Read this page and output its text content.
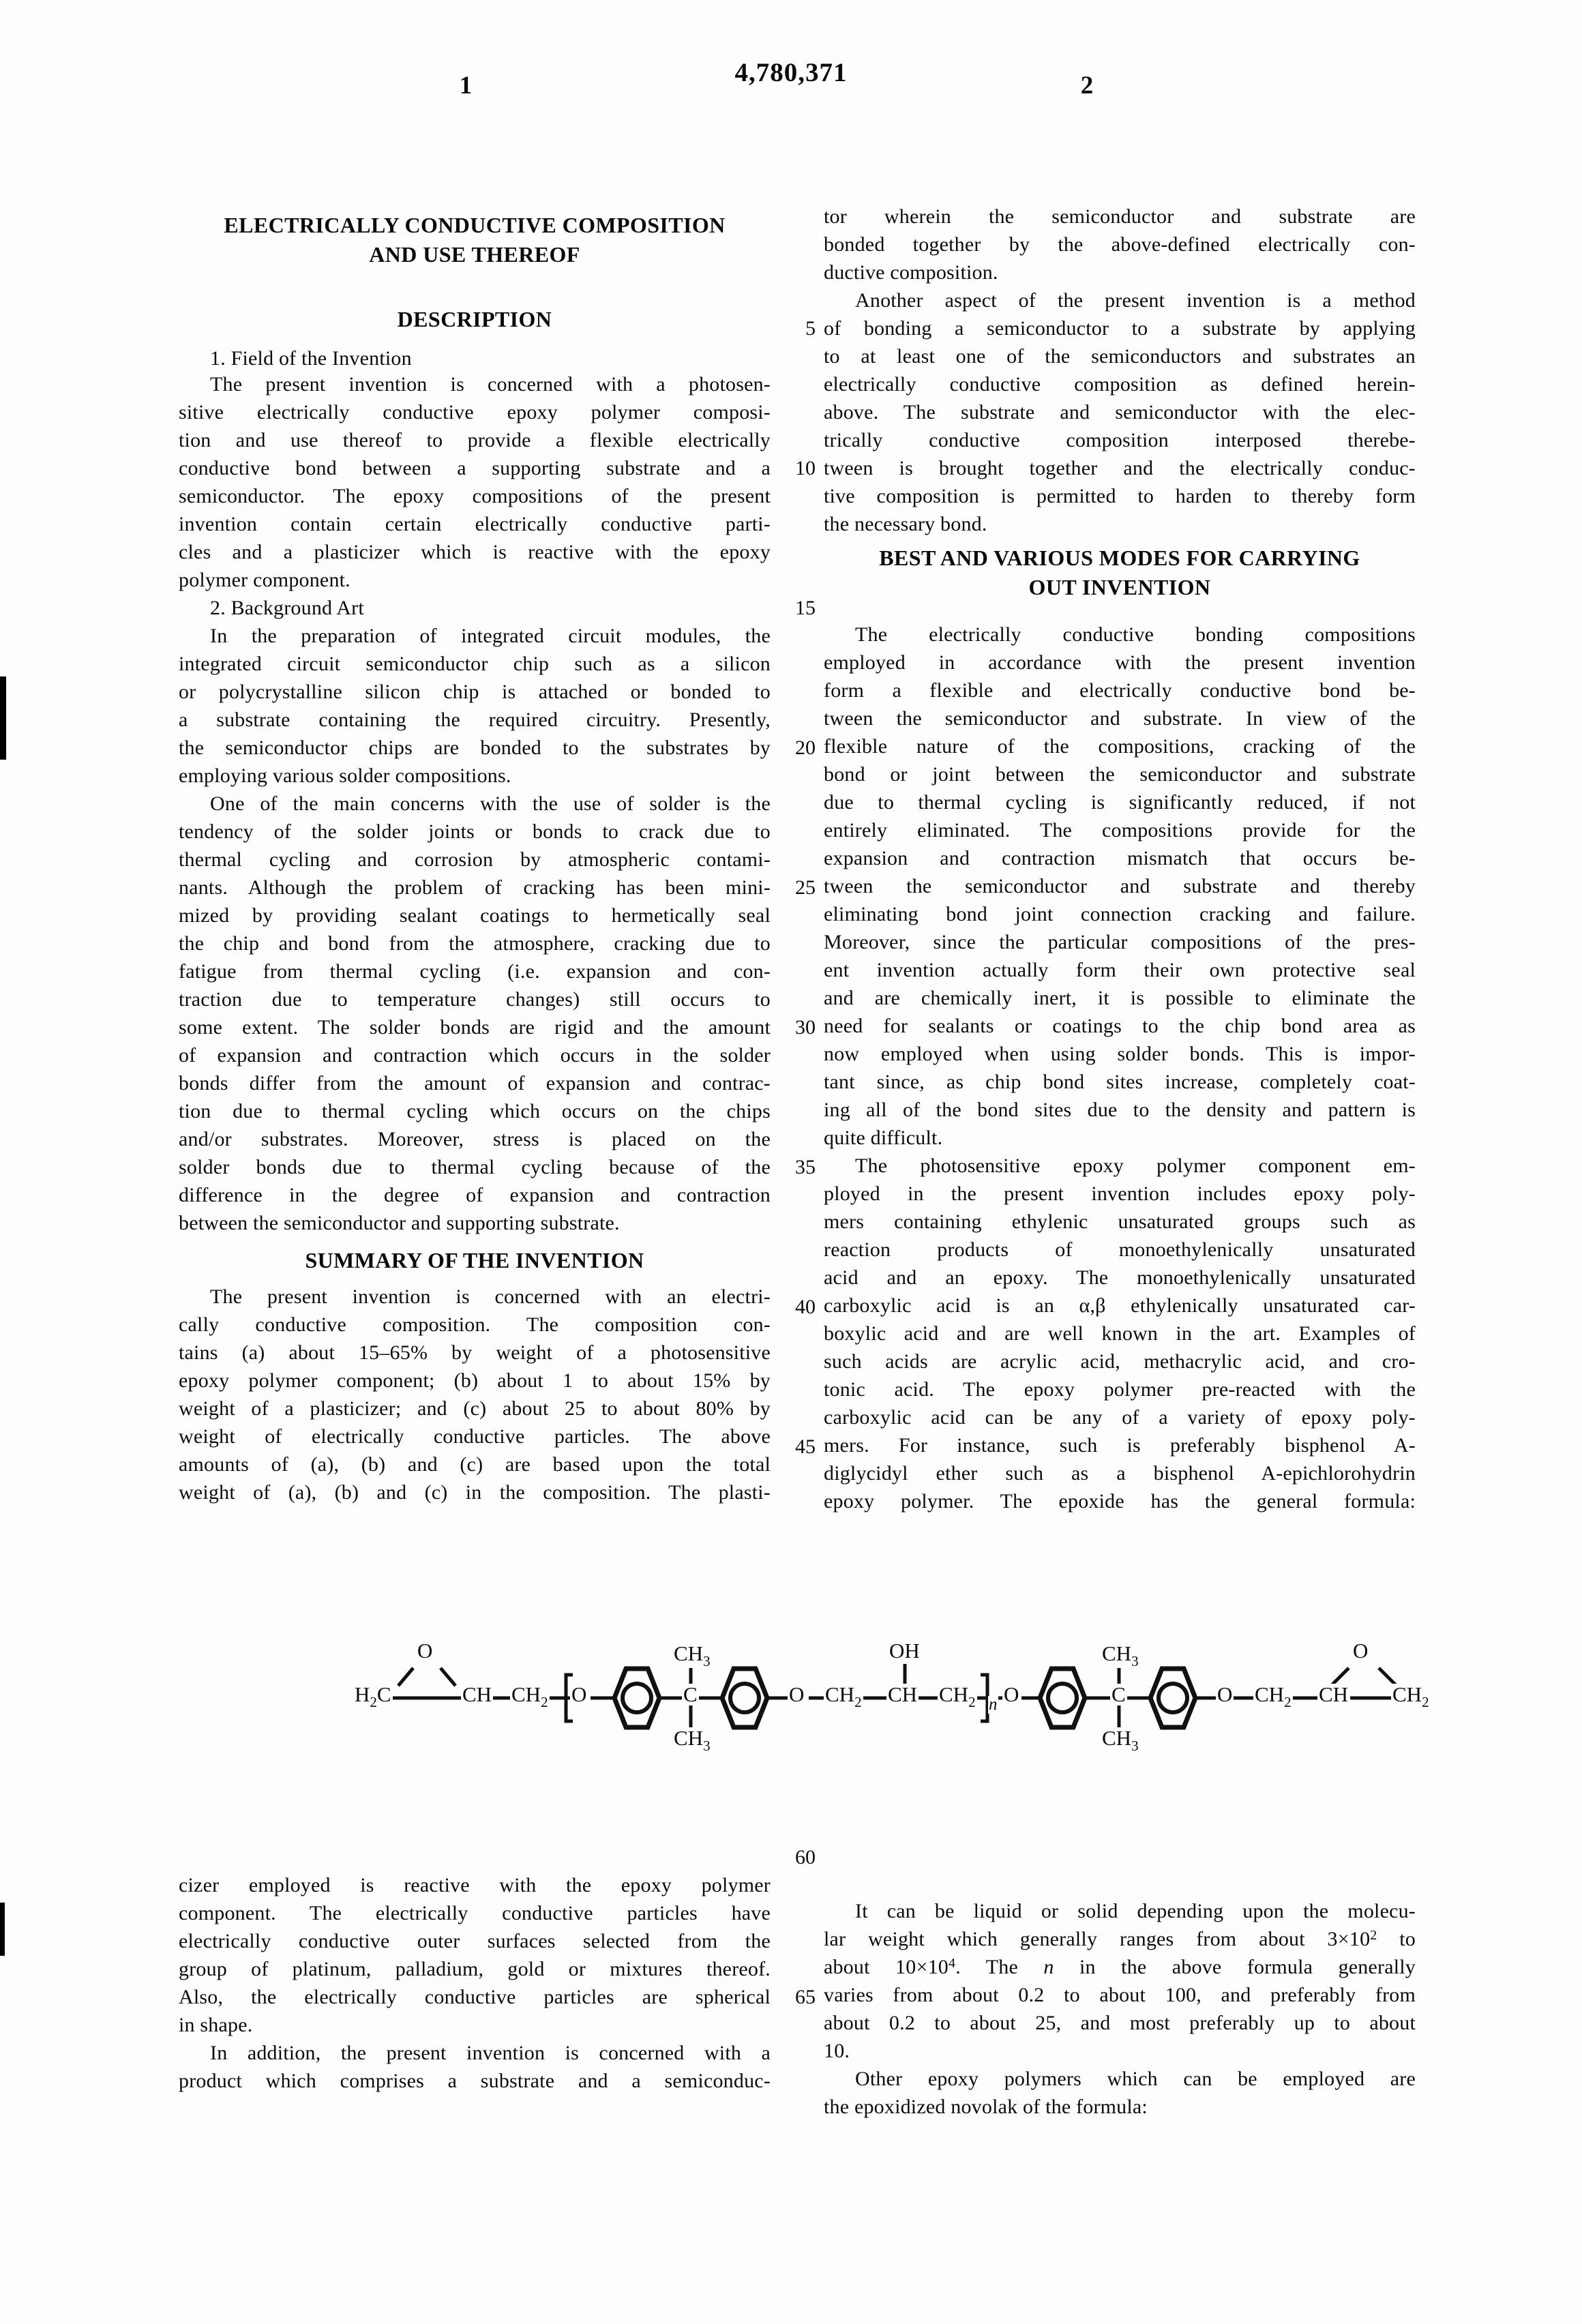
4,780,371
1	2
ELECTRICALLY CONDUCTIVE COMPOSITION
AND USE THEREOF
DESCRIPTION
1. Field of the Invention
The present invention is concerned with a photosen-
sitive electrically conductive epoxy polymer composi-
tion and use thereof to provide a flexible electrically
conductive bond between a supporting substrate and a
semiconductor. The epoxy compositions of the present
invention contain certain electrically conductive parti-
cles and a plasticizer which is reactive with the epoxy
polymer component.
2. Background Art
In the preparation of integrated circuit modules, the
integrated circuit semiconductor chip such as a silicon
or polycrystalline silicon chip is attached or bonded to
a substrate containing the required circuitry. Presently,
the semiconductor chips are bonded to the substrates by
employing various solder compositions.
One of the main concerns with the use of solder is the
tendency of the solder joints or bonds to crack due to
thermal cycling and corrosion by atmospheric contami-
nants. Although the problem of cracking has been mini-
mized by providing sealant coatings to hermetically seal
the chip and bond from the atmosphere, cracking due to
fatigue from thermal cycling (i.e. expansion and con-
traction due to temperature changes) still occurs to
some extent. The solder bonds are rigid and the amount
of expansion and contraction which occurs in the solder
bonds differ from the amount of expansion and contrac-
tion due to thermal cycling which occurs on the chips
and/or substrates. Moreover, stress is placed on the
solder bonds due to thermal cycling because of the
difference in the degree of expansion and contraction
between the semiconductor and supporting substrate.
SUMMARY OF THE INVENTION
The present invention is concerned with an electri-
cally conductive composition. The composition con-
tains (a) about 15–65% by weight of a photosensitive
epoxy polymer component; (b) about 1 to about 15% by
weight of a plasticizer; and (c) about 25 to about 80% by
weight of electrically conductive particles. The above
amounts of (a), (b) and (c) are based upon the total
weight of (a), (b) and (c) in the composition. The plasti-
tor wherein the semiconductor and substrate are
bonded together by the above-defined electrically con-
ductive composition.
Another aspect of the present invention is a method
of bonding a semiconductor to a substrate by applying
to at least one of the semiconductors and substrates an
electrically conductive composition as defined herein-
above. The substrate and semiconductor with the elec-
trically conductive composition interposed therebe-
tween is brought together and the electrically conduc-
tive composition is permitted to harden to thereby form
the necessary bond.
BEST AND VARIOUS MODES FOR CARRYING
OUT INVENTION
The electrically conductive bonding compositions
employed in accordance with the present invention
form a flexible and electrically conductive bond be-
tween the semiconductor and substrate. In view of the
flexible nature of the compositions, cracking of the
bond or joint between the semiconductor and substrate
due to thermal cycling is significantly reduced, if not
entirely eliminated. The compositions provide for the
expansion and contraction mismatch that occurs be-
tween the semiconductor and substrate and thereby
eliminating bond joint connection cracking and failure.
Moreover, since the particular compositions of the pres-
ent invention actually form their own protective seal
and are chemically inert, it is possible to eliminate the
need for sealants or coatings to the chip bond area as
now employed when using solder bonds. This is impor-
tant since, as chip bond sites increase, completely coat-
ing all of the bond sites due to the density and pattern is
quite difficult.
The photosensitive epoxy polymer component em-
ployed in the present invention includes epoxy poly-
mers containing ethylenic unsaturated groups such as
reaction products of monoethylenically unsaturated
acid and an epoxy. The monoethylenically unsaturated
carboxylic acid is an α,β ethylenically unsaturated car-
boxylic acid and are well known in the art. Examples of
such acids are acrylic acid, methacrylic acid, and cro-
tonic acid. The epoxy polymer pre-reacted with the
carboxylic acid can be any of a variety of epoxy poly-
mers. For instance, such is preferably bisphenol A-
diglycidyl ether such as a bisphenol A-epichlorohydrin
epoxy polymer. The epoxide has the general formula:
cizer employed is reactive with the epoxy polymer
component. The electrically conductive particles have
electrically conductive outer surfaces selected from the
group of platinum, palladium, gold or mixtures thereof.
Also, the electrically conductive particles are spherical
in shape.
In addition, the present invention is concerned with a
product which comprises a substrate and a semiconduc-
It can be liquid or solid depending upon the molecu-
lar weight which generally ranges from about $3\times 10^2$ to
about $10\times 10^4$. The n in the above formula generally
varies from about 0.2 to about 100, and preferably from
about 0.2 to about 25, and most preferably up to about
10.
Other epoxy polymers which can be employed are
the epoxidized novolak of the formula:
5
10
15
20
25
30
35
40
45
60
65
$H_2C$
O
CH $CH_2$ O
$CH_3$
C
$CH_3$
O $CH_2$
OH
CH $CH_2$ n O
$CH_3$
C
$CH_3$
O $CH_2$ CH
O
$CH_2$
